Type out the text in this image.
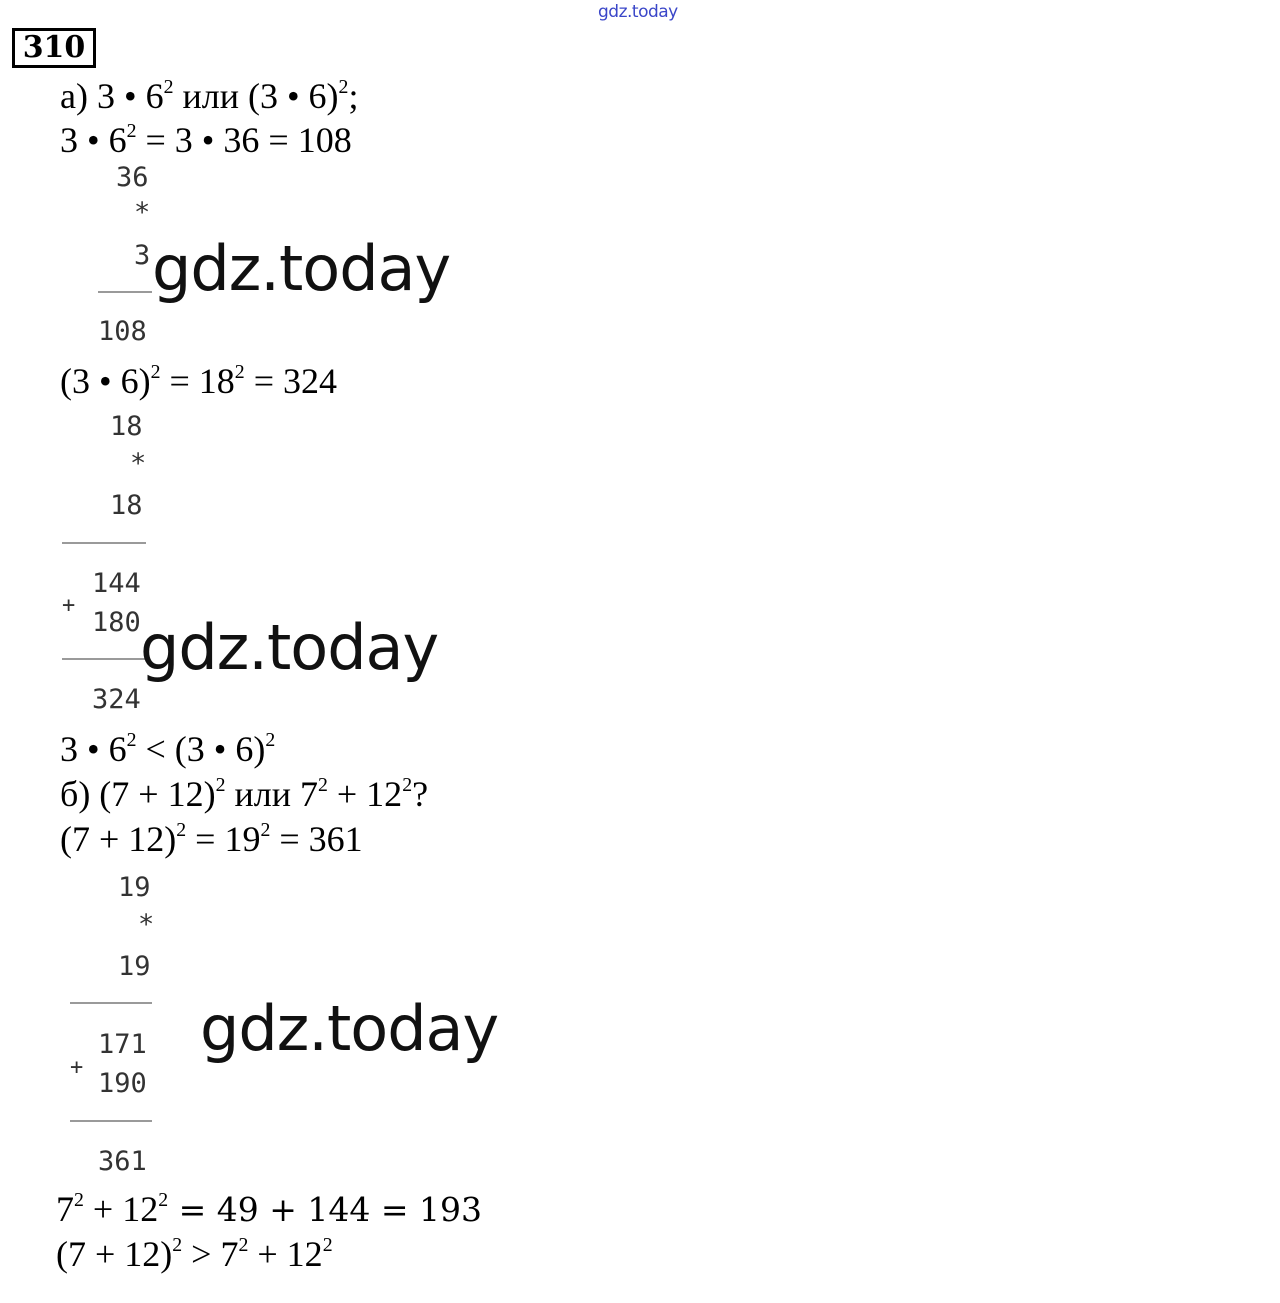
gdz.today
310
а) 3 • $6^2$ или (3 • 6)$^2$;
3 • $6^2 = 3$ • 36 = 108
36
*
3
108
gdz.today
(3 • $6)^2 = 18^2 = 324$
18
*
18
144
+
180
324
gdz.today
3 • $6^2 < (3$ • 6)$^2$
б) $(7 + 12)^2$ или $7^2 + 12^2$?
$(7 + 12)^2 = 19^2 = 361$
19
*
19
171
+
190
361
gdz.today
$7^2 + 12^2 = 49 + 144 = 193$
$(7 + 12)^2 > 7^2 + 12^2$
